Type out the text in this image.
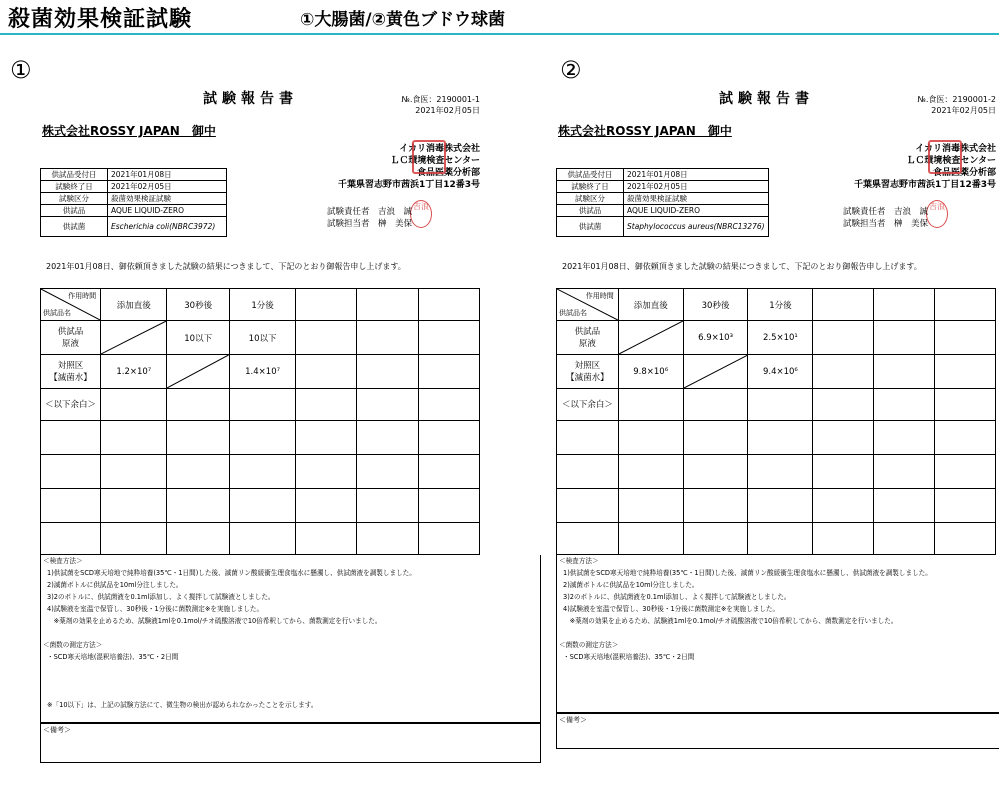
殺菌効果検証試験	①大腸菌/②黄色ブドウ球菌
①	②
試験報告書	№.食医：2190001-1
2021年02月05日
株式会社ROSSY JAPAN　御中
イカリ消毒株式会社
ＬＣ環境検査センター
食品医薬分析部
千葉県習志野市茜浜1丁目12番3号
吉浪
供試品受付日	2021年01月08日
試験終了日	2021年02月05日
試験区分	殺菌効果検証試験
供試品	AQUE LIQUID-ZERO
供試菌	Escherichia coli(NBRC3972)
試験責任者　吉浪　誠
試験担当者　榊　美保
2021年01月08日、御依頼頂きました試験の結果につきまして、下記のとおり御報告申し上げます。
作用時間
供試品名	添加直後	30秒後	1分後			
供試品
原液		10以下	10以下			
対照区
【滅菌水】	1.2×10⁷		1.4×10⁷			
＜以下余白＞						

＜検査方法＞
1)供試菌をSCD寒天培地で純粋培養(35℃・1日間)した後、滅菌リン酸緩衝生理食塩水に懸濁し、供試菌液を調製しました。
2)滅菌ボトルに供試品を10ml分注しました。
3)2のボトルに、供試菌液を0.1ml添加し、よく撹拌して試験液としました。
4)試験液を室温で保管し、30秒後・1分後に菌数測定※を実施しました。
　※薬剤の効果を止めるため、試験液1mlを0.1mol/チオ硫酸溶液で10倍希釈してから、菌数測定を行いました。

＜菌数の測定方法＞
・SCD寒天培地(混釈培養法)、35℃・2日間

※「10以下」は、上記の試験方法にて、微生物の検出が認められなかったことを示します。
＜備考＞
試験報告書	№.食医：2190001-2
2021年02月05日
株式会社ROSSY JAPAN　御中
イカリ消毒株式会社
ＬＣ環境検査センター
食品医薬分析部
千葉県習志野市茜浜1丁目12番3号
吉浪
供試品受付日	2021年01月08日
試験終了日	2021年02月05日
試験区分	殺菌効果検証試験
供試品	AQUE LIQUID-ZERO
供試菌	Staphylococcus aureus(NBRC13276)
試験責任者　吉浪　誠
試験担当者　榊　美保
2021年01月08日、御依頼頂きました試験の結果につきまして、下記のとおり御報告申し上げます。
作用時間
供試品名	添加直後	30秒後	1分後			
供試品
原液		6.9×10³	2.5×10¹			
対照区
【滅菌水】	9.8×10⁶		9.4×10⁶			
＜以下余白＞						

＜検査方法＞
1)供試菌をSCD寒天培地で純粋培養(35℃・1日間)した後、滅菌リン酸緩衝生理食塩水に懸濁し、供試菌液を調製しました。
2)滅菌ボトルに供試品を10ml分注しました。
3)2のボトルに、供試菌液を0.1ml添加し、よく撹拌して試験液としました。
4)試験液を室温で保管し、30秒後・1分後に菌数測定※を実施しました。
　※薬剤の効果を止めるため、試験液1mlを0.1mol/チオ硫酸溶液で10倍希釈してから、菌数測定を行いました。

＜菌数の測定方法＞
・SCD寒天培地(混釈培養法)、35℃・2日間

＜備考＞
